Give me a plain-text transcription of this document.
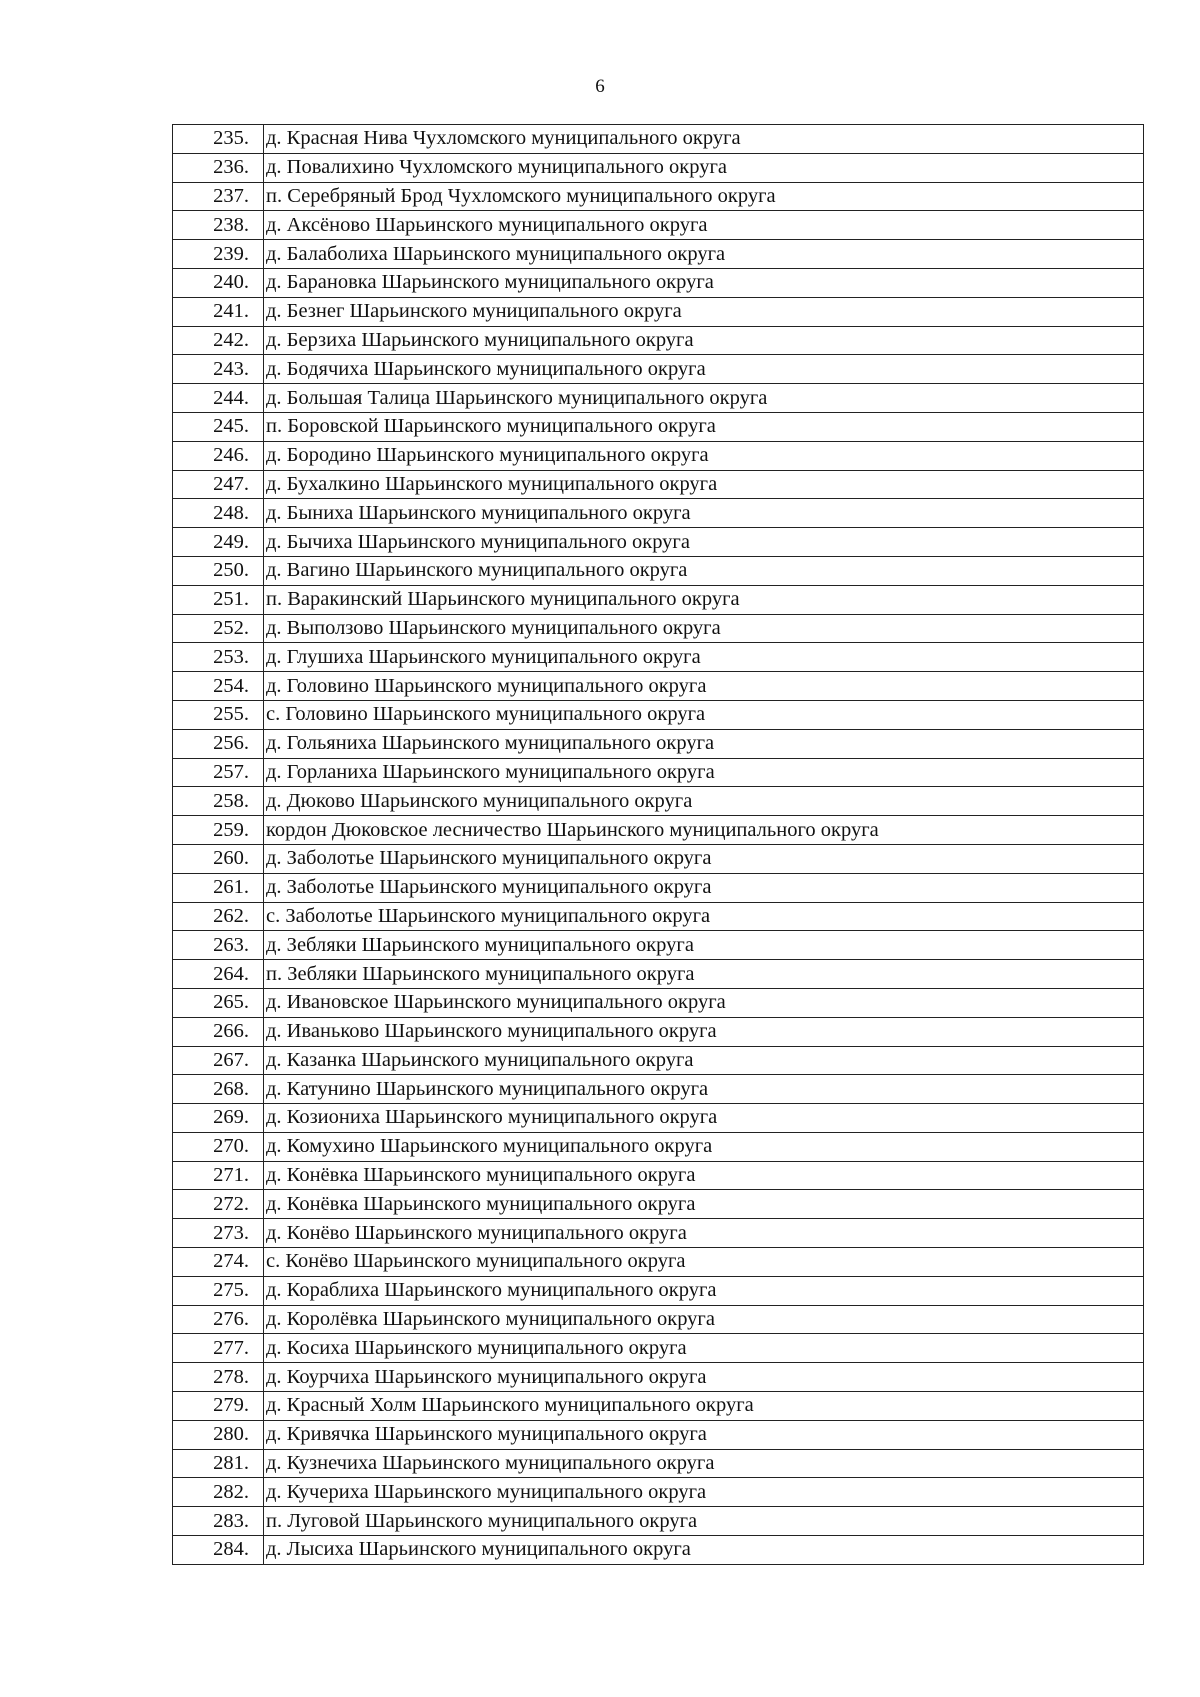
6
235.	д. Красная Нива Чухломского муниципального округа
236.	д. Повалихино Чухломского муниципального округа
237.	п. Серебряный Брод Чухломского муниципального округа
238.	д. Аксёново Шарьинского муниципального округа
239.	д. Балаболиха Шарьинского муниципального округа
240.	д. Барановка Шарьинского муниципального округа
241.	д. Безнег Шарьинского муниципального округа
242.	д. Берзиха Шарьинского муниципального округа
243.	д. Бодячиха Шарьинского муниципального округа
244.	д. Большая Талица Шарьинского муниципального округа
245.	п. Боровской Шарьинского муниципального округа
246.	д. Бородино Шарьинского муниципального округа
247.	д. Бухалкино Шарьинского муниципального округа
248.	д. Быниха Шарьинского муниципального округа
249.	д. Бычиха Шарьинского муниципального округа
250.	д. Вагино Шарьинского муниципального округа
251.	п. Варакинский Шарьинского муниципального округа
252.	д. Выползово Шарьинского муниципального округа
253.	д. Глушиха Шарьинского муниципального округа
254.	д. Головино Шарьинского муниципального округа
255.	с. Головино Шарьинского муниципального округа
256.	д. Гольяниха Шарьинского муниципального округа
257.	д. Горланиха Шарьинского муниципального округа
258.	д. Дюково Шарьинского муниципального округа
259.	кордон Дюковское лесничество Шарьинского муниципального округа
260.	д. Заболотье Шарьинского муниципального округа
261.	д. Заболотье Шарьинского муниципального округа
262.	с. Заболотье Шарьинского муниципального округа
263.	д. Зебляки Шарьинского муниципального округа
264.	п. Зебляки Шарьинского муниципального округа
265.	д. Ивановское Шарьинского муниципального округа
266.	д. Иваньково Шарьинского муниципального округа
267.	д. Казанка Шарьинского муниципального округа
268.	д. Катунино Шарьинского муниципального округа
269.	д. Козиониха Шарьинского муниципального округа
270.	д. Комухино Шарьинского муниципального округа
271.	д. Конёвка Шарьинского муниципального округа
272.	д. Конёвка Шарьинского муниципального округа
273.	д. Конёво Шарьинского муниципального округа
274.	с. Конёво Шарьинского муниципального округа
275.	д. Кораблиха Шарьинского муниципального округа
276.	д. Королёвка Шарьинского муниципального округа
277.	д. Косиха Шарьинского муниципального округа
278.	д. Коурчиха Шарьинского муниципального округа
279.	д. Красный Холм Шарьинского муниципального округа
280.	д. Кривячка Шарьинского муниципального округа
281.	д. Кузнечиха Шарьинского муниципального округа
282.	д. Кучериха Шарьинского муниципального округа
283.	п. Луговой Шарьинского муниципального округа
284.	д. Лысиха Шарьинского муниципального округа
